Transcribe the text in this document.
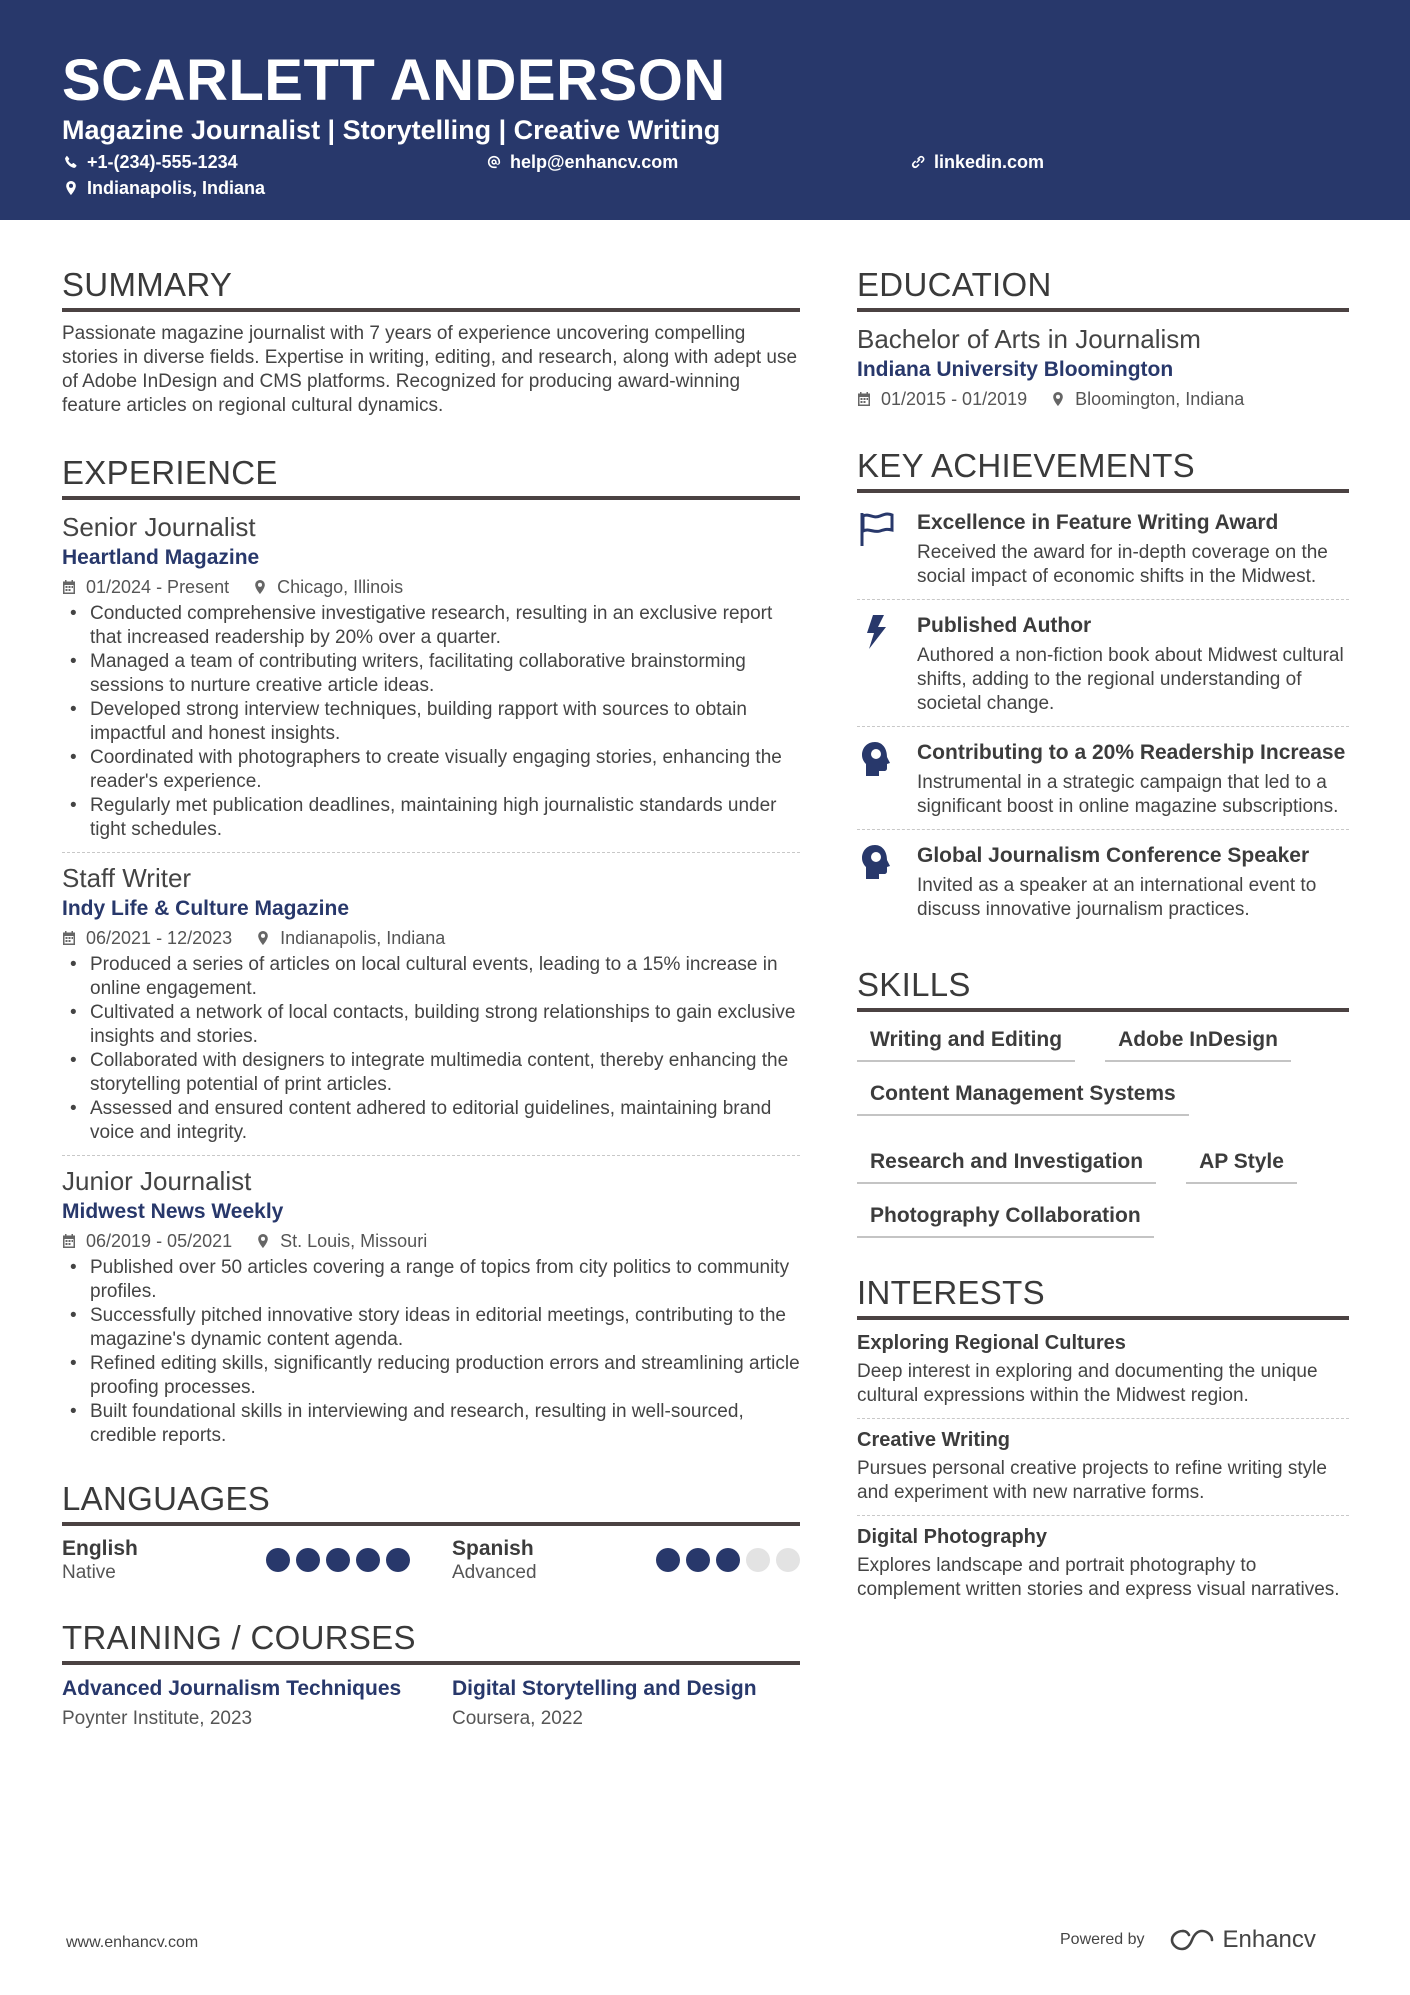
SCARLETT ANDERSON
Magazine Journalist | Storytelling | Creative Writing
+1-(234)-555-1234	help@enhancv.com	linkedin.com
Indianapolis, Indiana
SUMMARY

Passionate magazine journalist with 7 years of experience uncovering compelling stories in diverse fields. Expertise in writing, editing, and research, along with adept use of Adobe InDesign and CMS platforms. Recognized for producing award-winning feature articles on regional cultural dynamics.

EXPERIENCE
Senior Journalist
Heartland Magazine
01/2024 - Present	Chicago, Illinois
• Conducted comprehensive investigative research, resulting in an exclusive report that increased readership by 20% over a quarter.
• Managed a team of contributing writers, facilitating collaborative brainstorming sessions to nurture creative article ideas.
• Developed strong interview techniques, building rapport with sources to obtain impactful and honest insights.
• Coordinated with photographers to create visually engaging stories, enhancing the reader's experience.
• Regularly met publication deadlines, maintaining high journalistic standards under tight schedules.
Staff Writer
Indy Life & Culture Magazine
06/2021 - 12/2023	Indianapolis, Indiana
• Produced a series of articles on local cultural events, leading to a 15% increase in online engagement.
• Cultivated a network of local contacts, building strong relationships to gain exclusive insights and stories.
• Collaborated with designers to integrate multimedia content, thereby enhancing the storytelling potential of print articles.
• Assessed and ensured content adhered to editorial guidelines, maintaining brand voice and integrity.
Junior Journalist
Midwest News Weekly
06/2019 - 05/2021	St. Louis, Missouri
• Published over 50 articles covering a range of topics from city politics to community profiles.
• Successfully pitched innovative story ideas in editorial meetings, contributing to the magazine's dynamic content agenda.
• Refined editing skills, significantly reducing production errors and streamlining article proofing processes.
• Built foundational skills in interviewing and research, resulting in well-sourced, credible reports.
LANGUAGES
English
Native
Spanish
Advanced
TRAINING / COURSES
Advanced Journalism Techniques
Poynter Institute, 2023
Digital Storytelling and Design
Coursera, 2022
EDUCATION
Bachelor of Arts in Journalism
Indiana University Bloomington
01/2015 - 01/2019	Bloomington, Indiana
KEY ACHIEVEMENTS
Excellence in Feature Writing Award
Received the award for in-depth coverage on the social impact of economic shifts in the Midwest.
Published Author
Authored a non-fiction book about Midwest cultural shifts, adding to the regional understanding of societal change.
Contributing to a 20% Readership Increase
Instrumental in a strategic campaign that led to a significant boost in online magazine subscriptions.
Global Journalism Conference Speaker
Invited as a speaker at an international event to discuss innovative journalism practices.
SKILLS
Writing and Editing	Adobe InDesign
Content Management Systems
Research and Investigation	AP Style
Photography Collaboration
INTERESTS
Exploring Regional Cultures
Deep interest in exploring and documenting the unique cultural expressions within the Midwest region.
Creative Writing
Pursues personal creative projects to refine writing style and experiment with new narrative forms.
Digital Photography
Explores landscape and portrait photography to complement written stories and express visual narratives.
www.enhancv.com	Powered by	Enhancv
